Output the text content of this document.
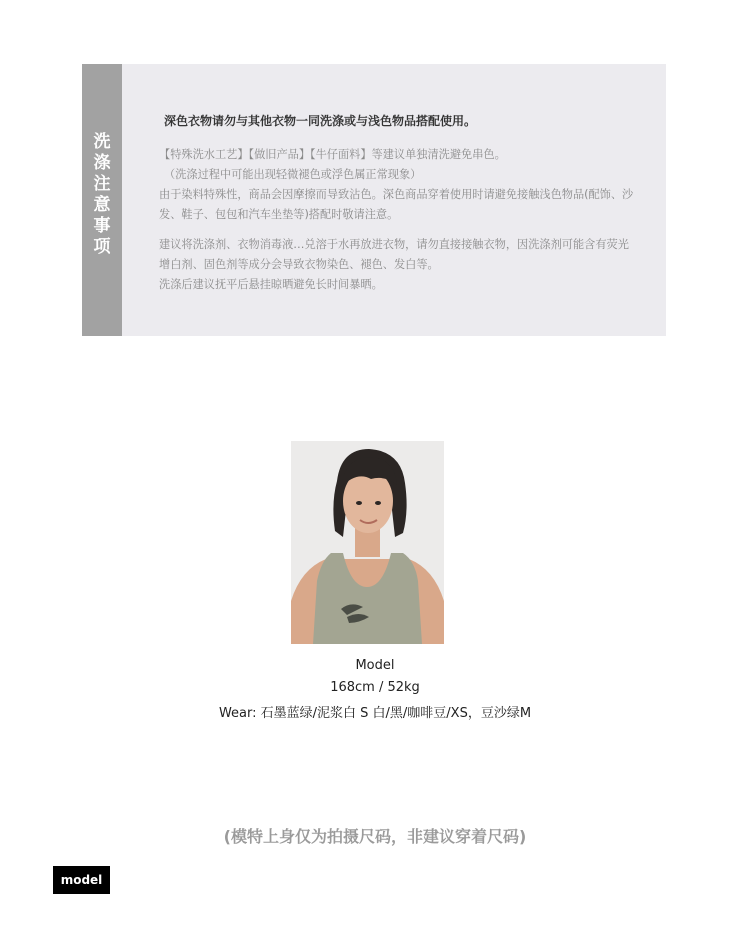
洗
涤
注
意
事
项

深色衣物请勿与其他衣物一同洗涤或与浅色物品搭配使用。

【特殊洗水工艺】【做旧产品】【牛仔面料】等建议单独清洗避免串色。

（洗涤过程中可能出现轻微褪色或浮色属正常现象）

由于染料特殊性，商品会因摩擦而导致沾色。深色商品穿着使用时请避免接触浅色物品(配饰、沙发、鞋子、包包和汽车坐垫等)搭配时敬请注意。

建议将洗涤剂、衣物消毒液…兑溶于水再放进衣物，请勿直接接触衣物，因洗涤剂可能含有荧光增白剂、固色剂等成分会导致衣物染色、褪色、发白等。

洗涤后建议抚平后悬挂晾晒避免长时间暴晒。

Model
168cm / 52kg
Wear: 石墨蓝绿/泥浆白 S 白/黑/咖啡豆/XS，豆沙绿M
(模特上身仅为拍摄尺码，非建议穿着尺码)
model
